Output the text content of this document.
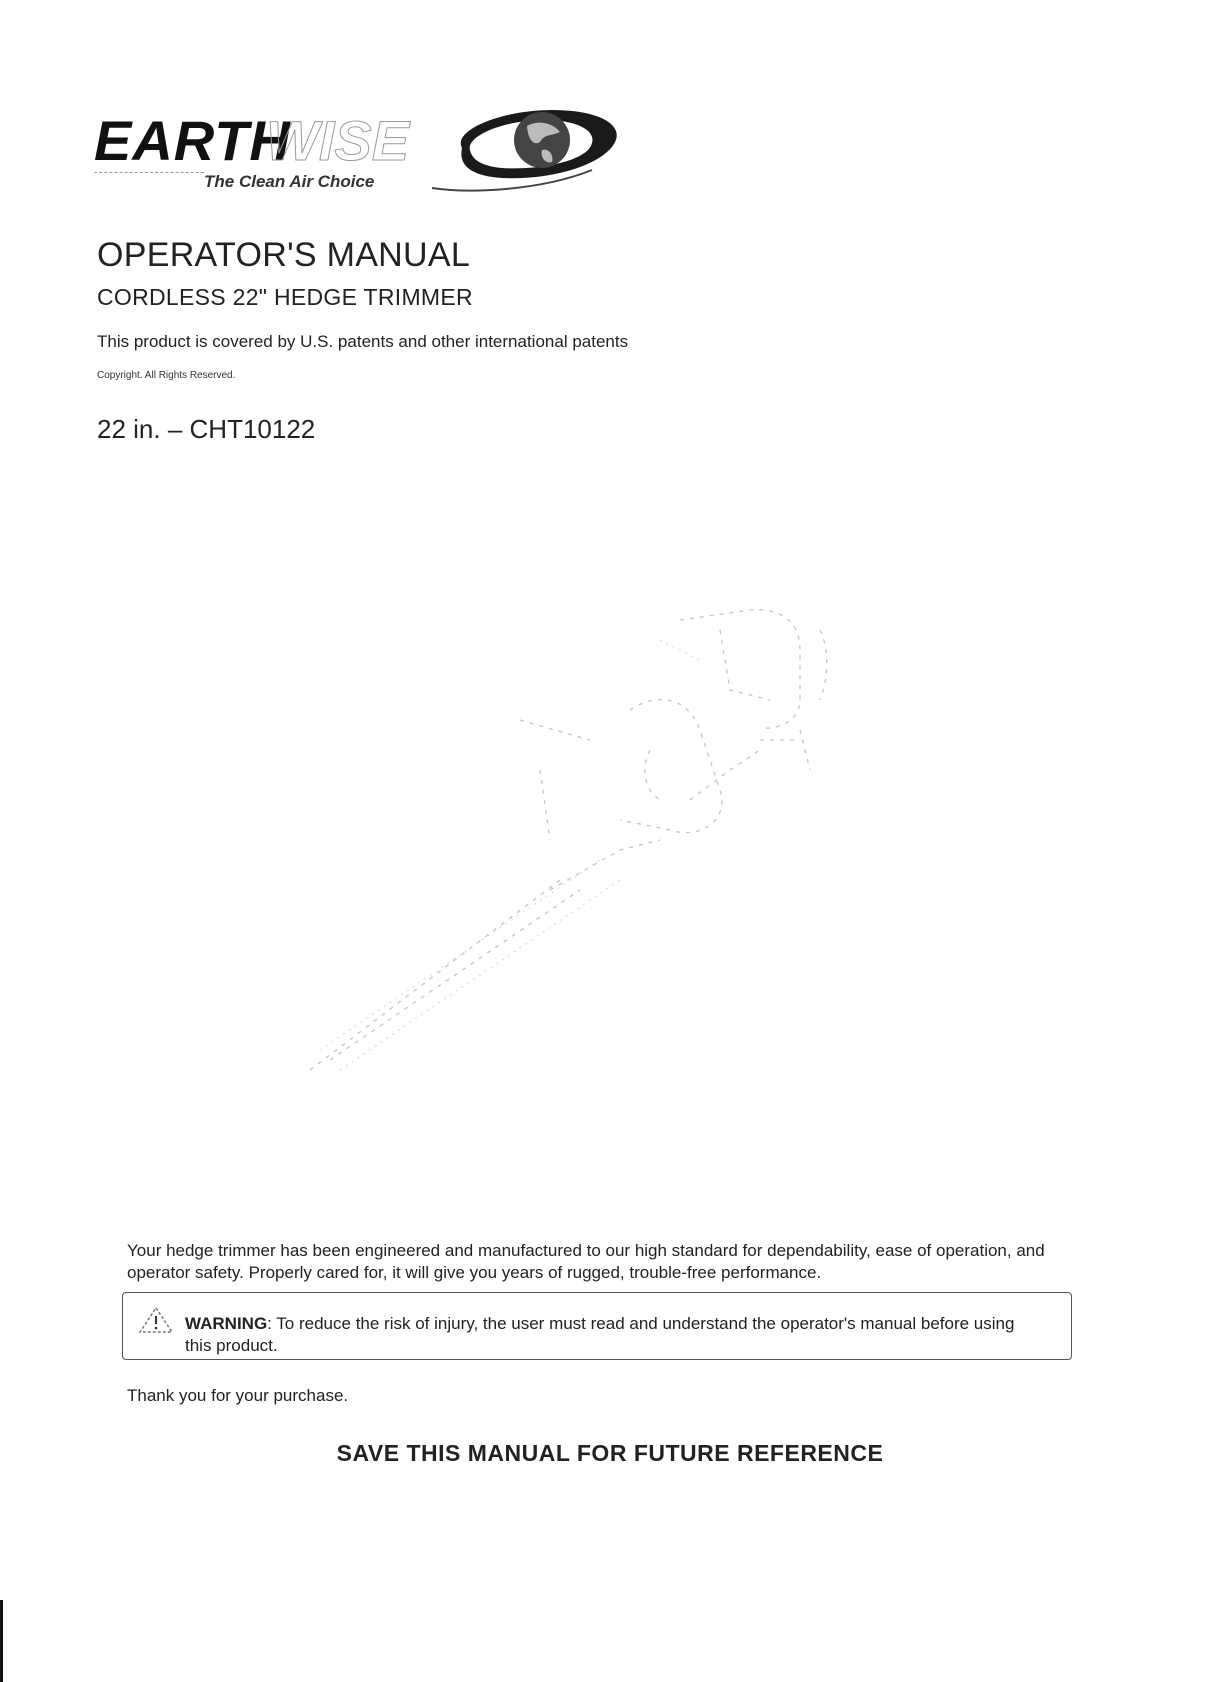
EARTH
WISE
The Clean Air Choice
OPERATOR'S MANUAL
CORDLESS 22" HEDGE TRIMMER
This product is covered by U.S. patents and other international patents
Copyright. All Rights Reserved.
22 in. – CHT10122
Your hedge trimmer has been engineered and manufactured to our high standard for dependability, ease of operation, and operator safety. Properly cared for, it will give you years of rugged, trouble-free performance.
WARNING: To reduce the risk of injury, the user must read and understand the operator's manual before using this product.
Thank you for your purchase.
SAVE THIS MANUAL FOR FUTURE REFERENCE
